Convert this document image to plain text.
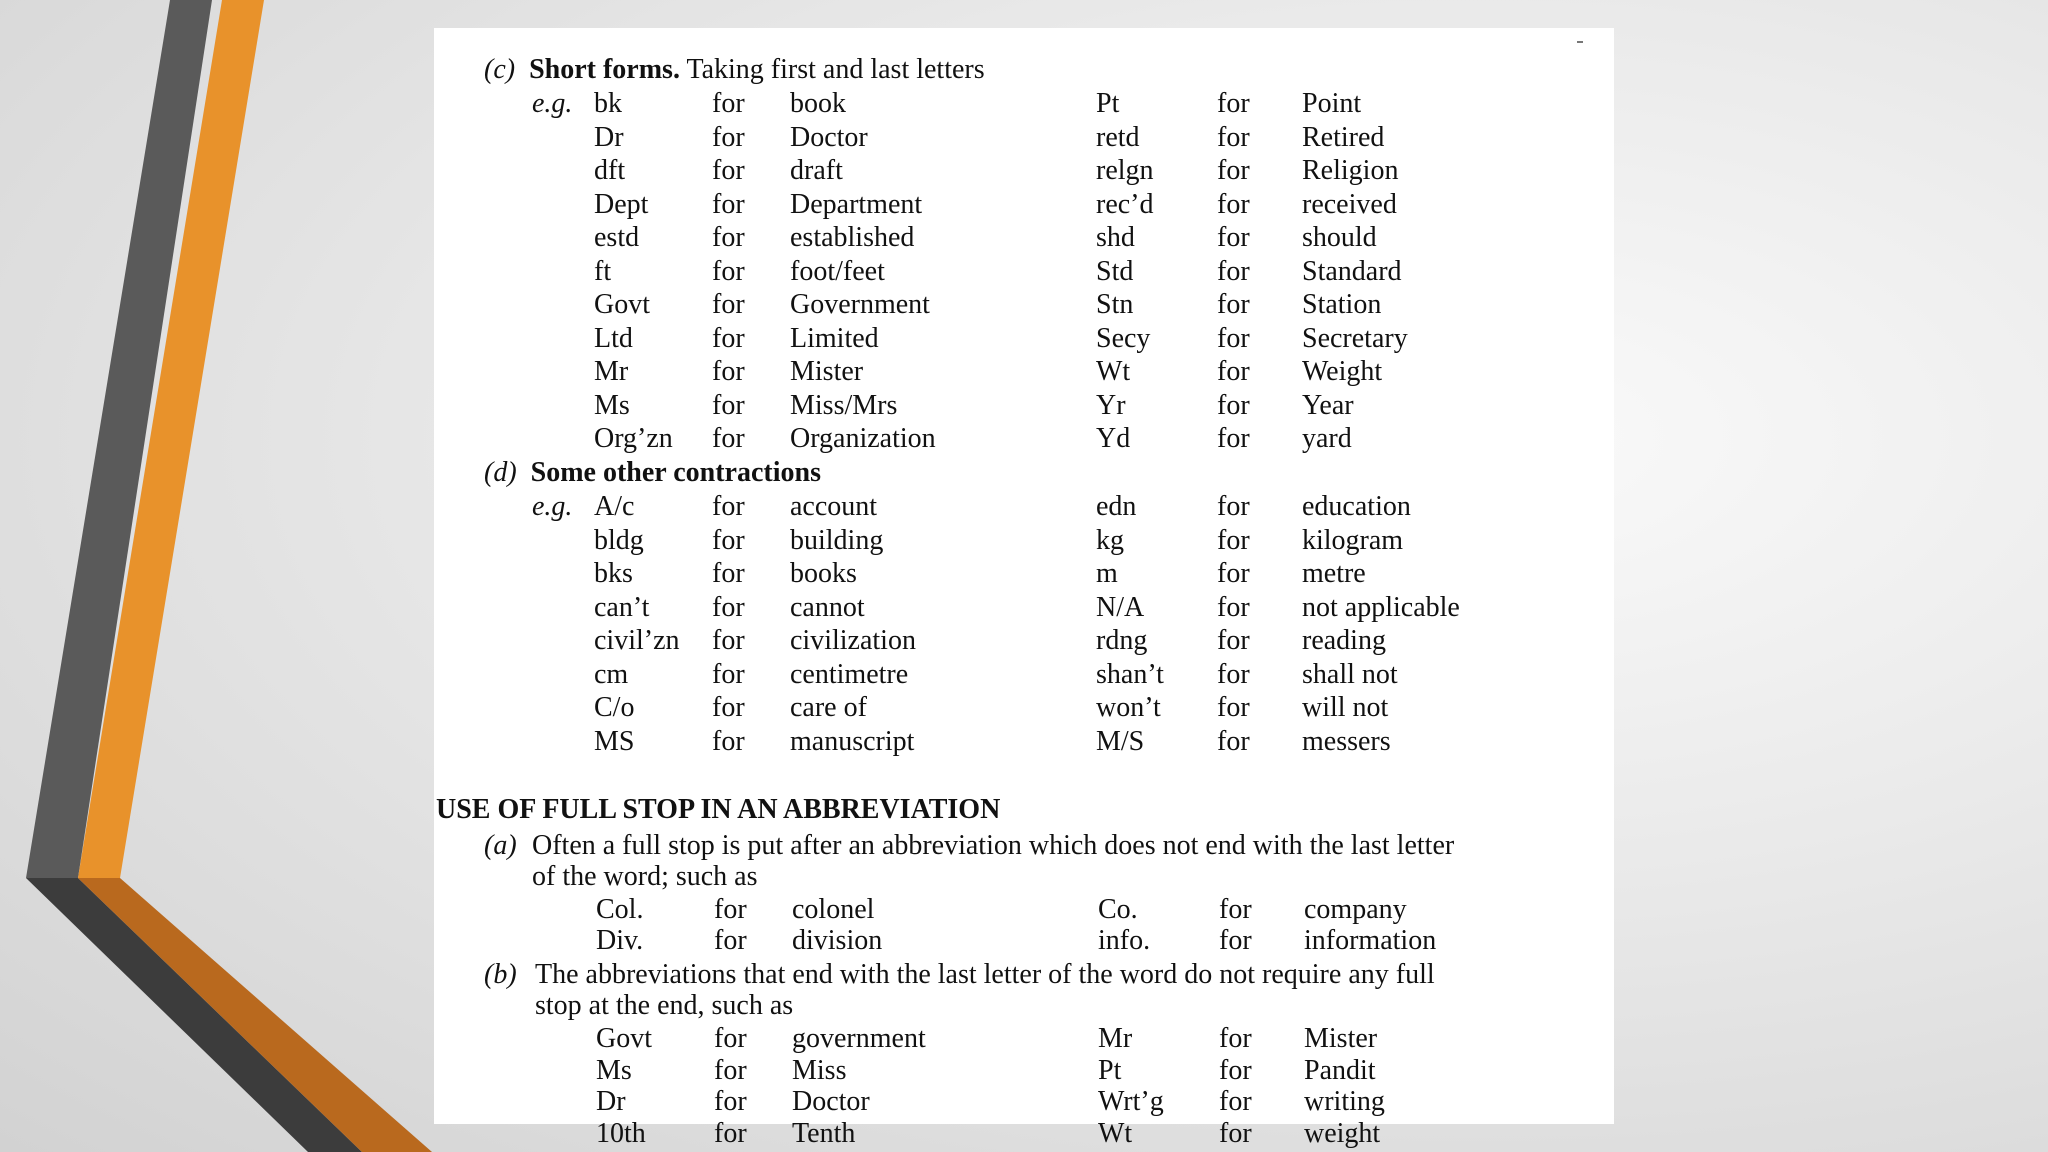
(c) Short forms. Taking first and last letters
e.g. bk	for book	Pt	for Point
Dr	for Doctor	retd	for Retired
dft	for draft	relgn for Religion
Dept for Department	rec’d for received
estd	for established	shd	for should
ft	for foot/feet	Std	for Standard
Govt for Government	Stn	for Station
Ltd	for Limited	Secy for Secretary
Mr	for Mister	Wt	for Weight
Ms	for Miss/Mrs	Yr	for Year
Org’zn for Organization	Yd	for yard
(d) Some other contractions
e.g. A/c	for account	edn	for education
bldg for building	kg	for kilogram
bks	for books	m	for metre
can’t for cannot	N/A	for not applicable
civil’zn for civilization	rdng for reading
cm	for centimetre	shan’t for shall not
C/o	for care of	won’t for will not
MS	for manuscript	M/S	for messers
USE OF FULL STOP IN AN ABBREVIATION
(a) Often a full stop is put after an abbreviation which does not end with the last letter
of the word; such as
Col.	for colonel	Co.	for company
Div.	for division	info. for information
(b) The abbreviations that end with the last letter of the word do not require any full
stop at the end, such as
Govt for government	Mr	for Mister
Ms	for Miss	Pt	for Pandit
Dr	for Doctor	Wrt’g for writing
10th for Tenth	Wt	for weight
